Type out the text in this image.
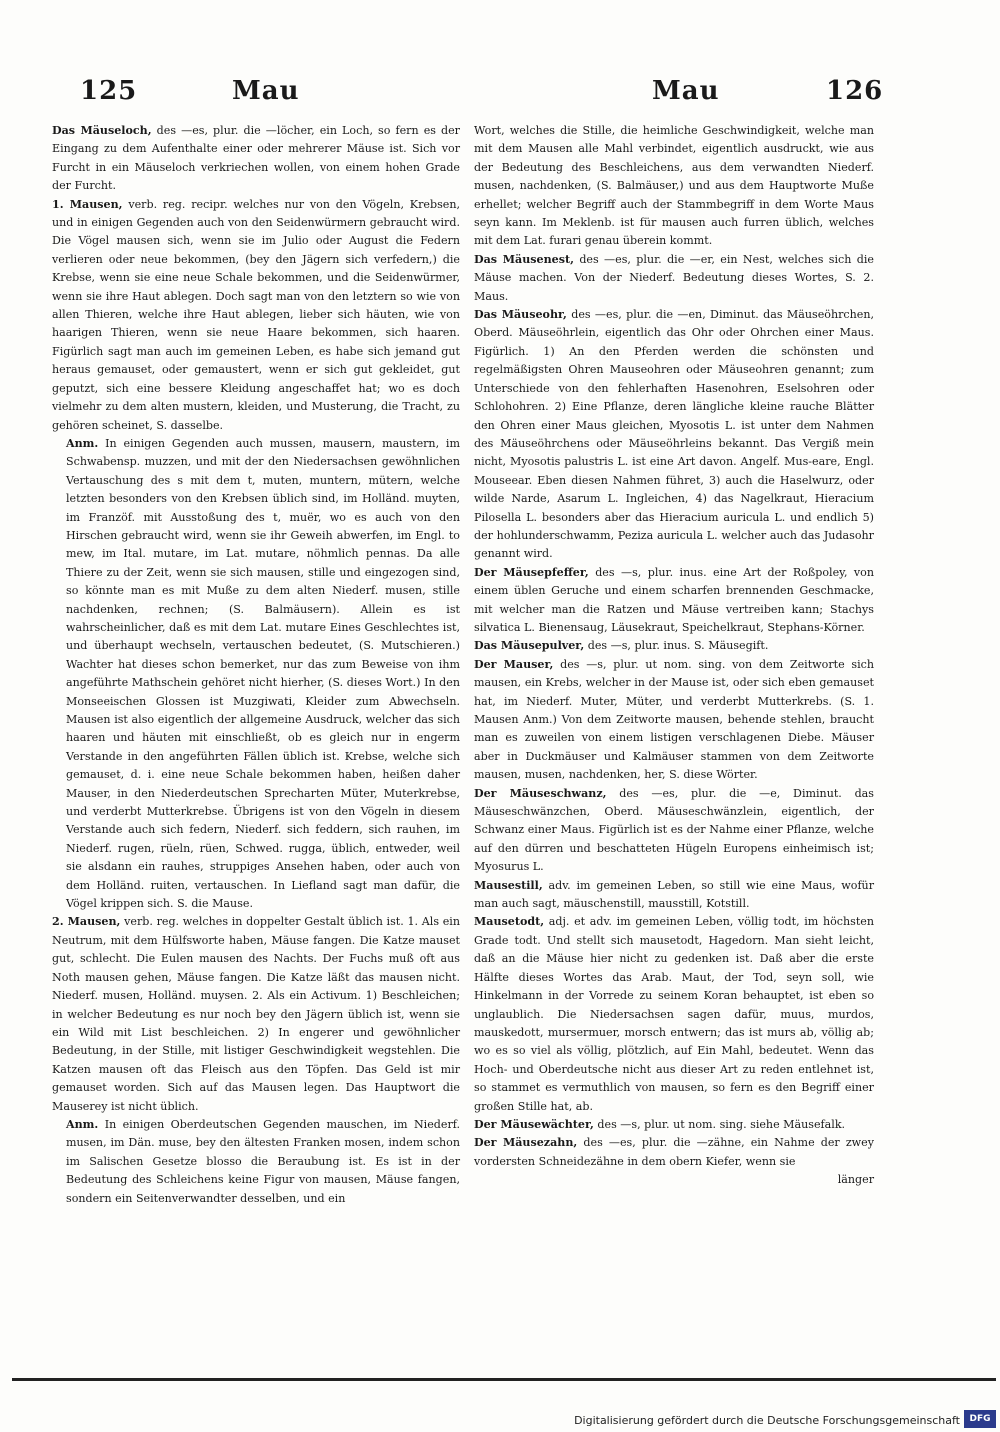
125	Mau	Mau	126

Das Mäuseloch, des —es, plur. die —löcher, ein Loch, so fern es der Eingang zu dem Aufenthalte einer oder mehrerer Mäuse ist. Sich vor Furcht in ein Mäuseloch verkriechen wollen, von einem hohen Grade der Furcht.

1. Mausen, verb. reg. recipr. welches nur von den Vögeln, Krebsen, und in einigen Gegenden auch von den Seidenwürmern gebraucht wird. Die Vögel mausen sich, wenn sie im Julio oder August die Federn verlieren oder neue bekommen, (bey den Jägern sich verfedern,) die Krebse, wenn sie eine neue Schale bekommen, und die Seidenwürmer, wenn sie ihre Haut ablegen. Doch sagt man von den letztern so wie von allen Thieren, welche ihre Haut ablegen, lieber sich häuten, wie von haarigen Thieren, wenn sie neue Haare bekommen, sich haaren. Figürlich sagt man auch im gemeinen Leben, es habe sich jemand gut heraus gemauset, oder gemaustert, wenn er sich gut gekleidet, gut geputzt, sich eine bessere Kleidung angeschaffet hat; wo es doch vielmehr zu dem alten mustern, kleiden, und Musterung, die Tracht, zu gehören scheinet, S. dasselbe.

Anm. In einigen Gegenden auch mussen, mausern, maustern, im Schwabensp. muzzen, und mit der den Niedersachsen gewöhnlichen Vertauschung des s mit dem t, muten, muntern, mütern, welche letzten besonders von den Krebsen üblich sind, im Holländ. muyten, im Franzöf. mit Ausstoßung des t, muër, wo es auch von den Hirschen gebraucht wird, wenn sie ihr Geweih abwerfen, im Engl. to mew, im Ital. mutare, im Lat. mutare, nöhmlich pennas. Da alle Thiere zu der Zeit, wenn sie sich mausen, stille und eingezogen sind, so könnte man es mit Muße zu dem alten Niederf. musen, stille nachdenken, rechnen; (S. Balmäusern). Allein es ist wahrscheinlicher, daß es mit dem Lat. mutare Eines Geschlechtes ist, und überhaupt wechseln, vertauschen bedeutet, (S. Mutschieren.) Wachter hat dieses schon bemerket, nur das zum Beweise von ihm angeführte Mathschein gehöret nicht hierher, (S. dieses Wort.) In den Monseeischen Glossen ist Muzgiwati, Kleider zum Abwechseln. Mausen ist also eigentlich der allgemeine Ausdruck, welcher das sich haaren und häuten mit einschließt, ob es gleich nur in engerm Verstande in den angeführten Fällen üblich ist. Krebse, welche sich gemauset, d. i. eine neue Schale bekommen haben, heißen daher Mauser, in den Niederdeutschen Sprecharten Müter, Muterkrebse, und verderbt Mutterkrebse. Übrigens ist von den Vögeln in diesem Verstande auch sich federn, Niederf. sich feddern, sich rauhen, im Niederf. rugen, rüeln, rüen, Schwed. rugga, üblich, entweder, weil sie alsdann ein rauhes, struppiges Ansehen haben, oder auch von dem Holländ. ruiten, vertauschen. In Liefland sagt man dafür, die Vögel krippen sich. S. die Mause.

2. Mausen, verb. reg. welches in doppelter Gestalt üblich ist. 1. Als ein Neutrum, mit dem Hülfsworte haben, Mäuse fangen. Die Katze mauset gut, schlecht. Die Eulen mausen des Nachts. Der Fuchs muß oft aus Noth mausen gehen, Mäuse fangen. Die Katze läßt das mausen nicht. Niederf. musen, Holländ. muysen. 2. Als ein Activum. 1) Beschleichen; in welcher Bedeutung es nur noch bey den Jägern üblich ist, wenn sie ein Wild mit List beschleichen. 2) In engerer und gewöhnlicher Bedeutung, in der Stille, mit listiger Geschwindigkeit wegstehlen. Die Katzen mausen oft das Fleisch aus den Töpfen. Das Geld ist mir gemauset worden. Sich auf das Mausen legen. Das Hauptwort die Mauserey ist nicht üblich.

Anm. In einigen Oberdeutschen Gegenden mauschen, im Niederf. musen, im Dän. muse, bey den ältesten Franken mosen, indem schon im Salischen Gesetze blosso die Beraubung ist. Es ist in der Bedeutung des Schleichens keine Figur von mausen, Mäuse fangen, sondern ein Seitenverwandter desselben, und ein

Wort, welches die Stille, die heimliche Geschwindigkeit, welche man mit dem Mausen alle Mahl verbindet, eigentlich ausdruckt, wie aus der Bedeutung des Beschleichens, aus dem verwandten Niederf. musen, nachdenken, (S. Balmäuser,) und aus dem Hauptworte Muße erhellet; welcher Begriff auch der Stammbegriff in dem Worte Maus seyn kann. Im Meklenb. ist für mausen auch furren üblich, welches mit dem Lat. furari genau überein kommt.

Das Mäusenest, des —es, plur. die —er, ein Nest, welches sich die Mäuse machen. Von der Niederf. Bedeutung dieses Wortes, S. 2. Maus.

Das Mäuseohr, des —es, plur. die —en, Diminut. das Mäuseöhrchen, Oberd. Mäuseöhrlein, eigentlich das Ohr oder Ohrchen einer Maus. Figürlich. 1) An den Pferden werden die schönsten und regelmäßigsten Ohren Mauseohren oder Mäuseohren genannt; zum Unterschiede von den fehlerhaften Hasenohren, Eselsohren oder Schlohohren. 2) Eine Pflanze, deren längliche kleine rauche Blätter den Ohren einer Maus gleichen, Myosotis L. ist unter dem Nahmen des Mäuseöhrchens oder Mäuseöhrleins bekannt. Das Vergiß mein nicht, Myosotis palustris L. ist eine Art davon. Angelf. Mus-eare, Engl. Mouseear. Eben diesen Nahmen führet, 3) auch die Haselwurz, oder wilde Narde, Asarum L. Ingleichen, 4) das Nagelkraut, Hieracium Pilosella L. besonders aber das Hieracium auricula L. und endlich 5) der hohlunderschwamm, Peziza auricula L. welcher auch das Judasohr genannt wird.

Der Mäusepfeffer, des —s, plur. inus. eine Art der Roßpoley, von einem üblen Geruche und einem scharfen brennenden Geschmacke, mit welcher man die Ratzen und Mäuse vertreiben kann; Stachys silvatica L. Bienensaug, Läusekraut, Speichelkraut, Stephans-Körner.

Das Mäusepulver, des —s, plur. inus. S. Mäusegift.

Der Mauser, des —s, plur. ut nom. sing. von dem Zeitworte sich mausen, ein Krebs, welcher in der Mause ist, oder sich eben gemauset hat, im Niederf. Muter, Müter, und verderbt Mutterkrebs. (S. 1. Mausen Anm.) Von dem Zeitworte mausen, behende stehlen, braucht man es zuweilen von einem listigen verschlagenen Diebe. Mäuser aber in Duckmäuser und Kalmäuser stammen von dem Zeitworte mausen, musen, nachdenken, her, S. diese Wörter.

Der Mäuseschwanz, des —es, plur. die —e, Diminut. das Mäuseschwänzchen, Oberd. Mäuseschwänzlein, eigentlich, der Schwanz einer Maus. Figürlich ist es der Nahme einer Pflanze, welche auf den dürren und beschatteten Hügeln Europens einheimisch ist; Myosurus L.

Mausestill, adv. im gemeinen Leben, so still wie eine Maus, wofür man auch sagt, mäuschenstill, mausstill, Kotstill.

Mausetodt, adj. et adv. im gemeinen Leben, völlig todt, im höchsten Grade todt. Und stellt sich mausetodt, Hagedorn. Man sieht leicht, daß an die Mäuse hier nicht zu gedenken ist. Daß aber die erste Hälfte dieses Wortes das Arab. Maut, der Tod, seyn soll, wie Hinkelmann in der Vorrede zu seinem Koran behauptet, ist eben so unglaublich. Die Niedersachsen sagen dafür, muus, murdos, mauskedott, mursermuer, morsch entwern; das ist murs ab, völlig ab; wo es so viel als völlig, plötzlich, auf Ein Mahl, bedeutet. Wenn das Hoch- und Oberdeutsche nicht aus dieser Art zu reden entlehnet ist, so stammet es vermuthlich von mausen, so fern es den Begriff einer großen Stille hat, ab.

Der Mäusewächter, des —s, plur. ut nom. sing. siehe Mäusefalk.

Der Mäusezahn, des —es, plur. die —zähne, ein Nahme der zwey vordersten Schneidezähne in dem obern Kiefer, wenn sie

länger

Digitalisierung gefördert durch die Deutsche Forschungsgemeinschaft	DFG
